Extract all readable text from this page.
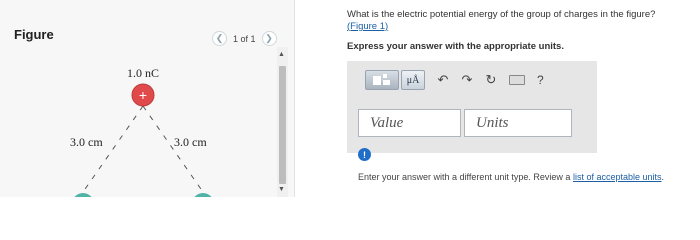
Figure	❮	1 of 1	❯
+
1.0 nC
3.0 cm	3.0 cm
▲
▼
What is the electric potential energy of the group of charges in the figure?
(Figure 1)
Express your answer with the appropriate units.
μÅ	↶ ↷ ↻	?
Value	Units
!
Enter your answer with a different unit type. Review a list of acceptable units.
